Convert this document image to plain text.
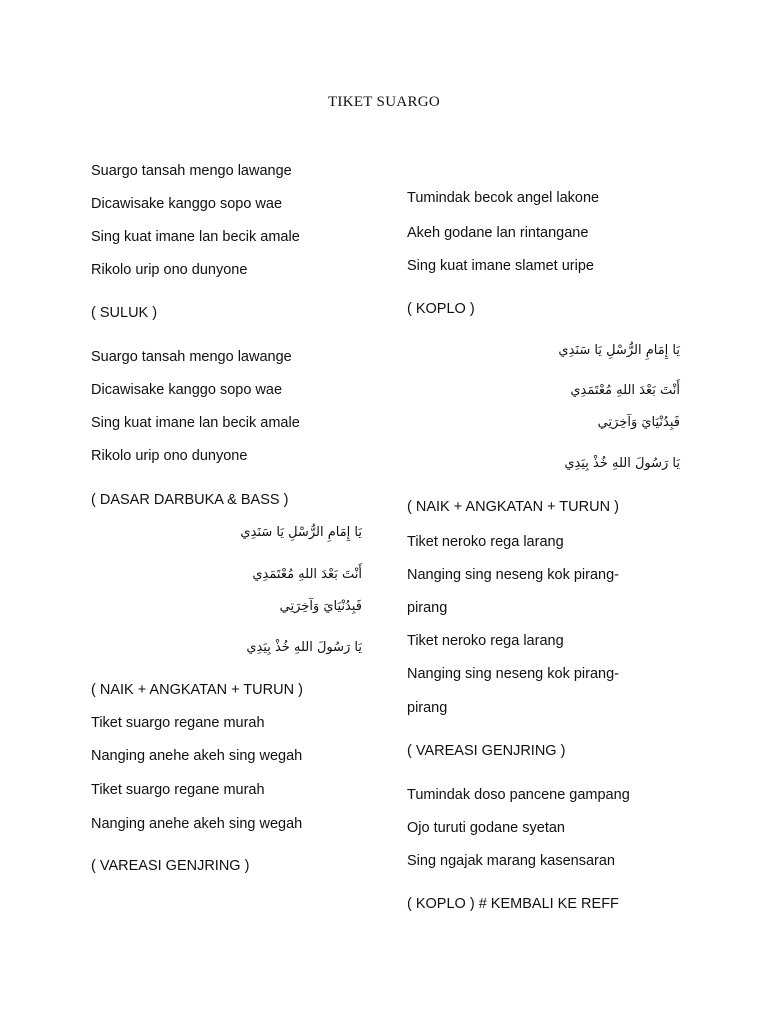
TIKET SUARGO
Suargo tansah mengo lawange
Dicawisake kanggo sopo wae
Sing kuat imane lan becik amale
Rikolo urip ono dunyone
( SULUK )
Suargo tansah mengo lawange
Dicawisake kanggo sopo wae
Sing kuat imane lan becik amale
Rikolo urip ono dunyone
( DASAR DARBUKA & BASS )
يَا إِمَامِ الرُّسْلِ يَا سَنَدِي
أَنْتَ بَعْدَ اللهِ مُعْتَمَدِي
فَبِدُنْيَايَ وَآخِرَتِي
يَا رَسُولَ اللهِ خُذْ بِيَدِي
( NAIK + ANGKATAN + TURUN )
Tiket suargo regane murah
Nanging anehe akeh sing wegah
Tiket suargo regane murah
Nanging anehe akeh sing wegah
( VAREASI GENJRING )
Tumindak becok angel lakone
Akeh godane lan rintangane
Sing kuat imane slamet uripe
( KOPLO )
يَا إِمَامِ الرُّسْلِ يَا سَنَدِي
أَنْتَ بَعْدَ اللهِ مُعْتَمَدِي
فَبِدُنْيَايَ وَآخِرَتِي
يَا رَسُولَ اللهِ خُذْ بِيَدِي
( NAIK + ANGKATAN + TURUN )
Tiket neroko rega larang
Nanging sing neseng kok pirang-
pirang
Tiket neroko rega larang
Nanging sing neseng kok pirang-
pirang
( VAREASI GENJRING )
Tumindak doso pancene gampang
Ojo turuti godane syetan
Sing ngajak marang kasensaran
( KOPLO ) # KEMBALI KE REFF
